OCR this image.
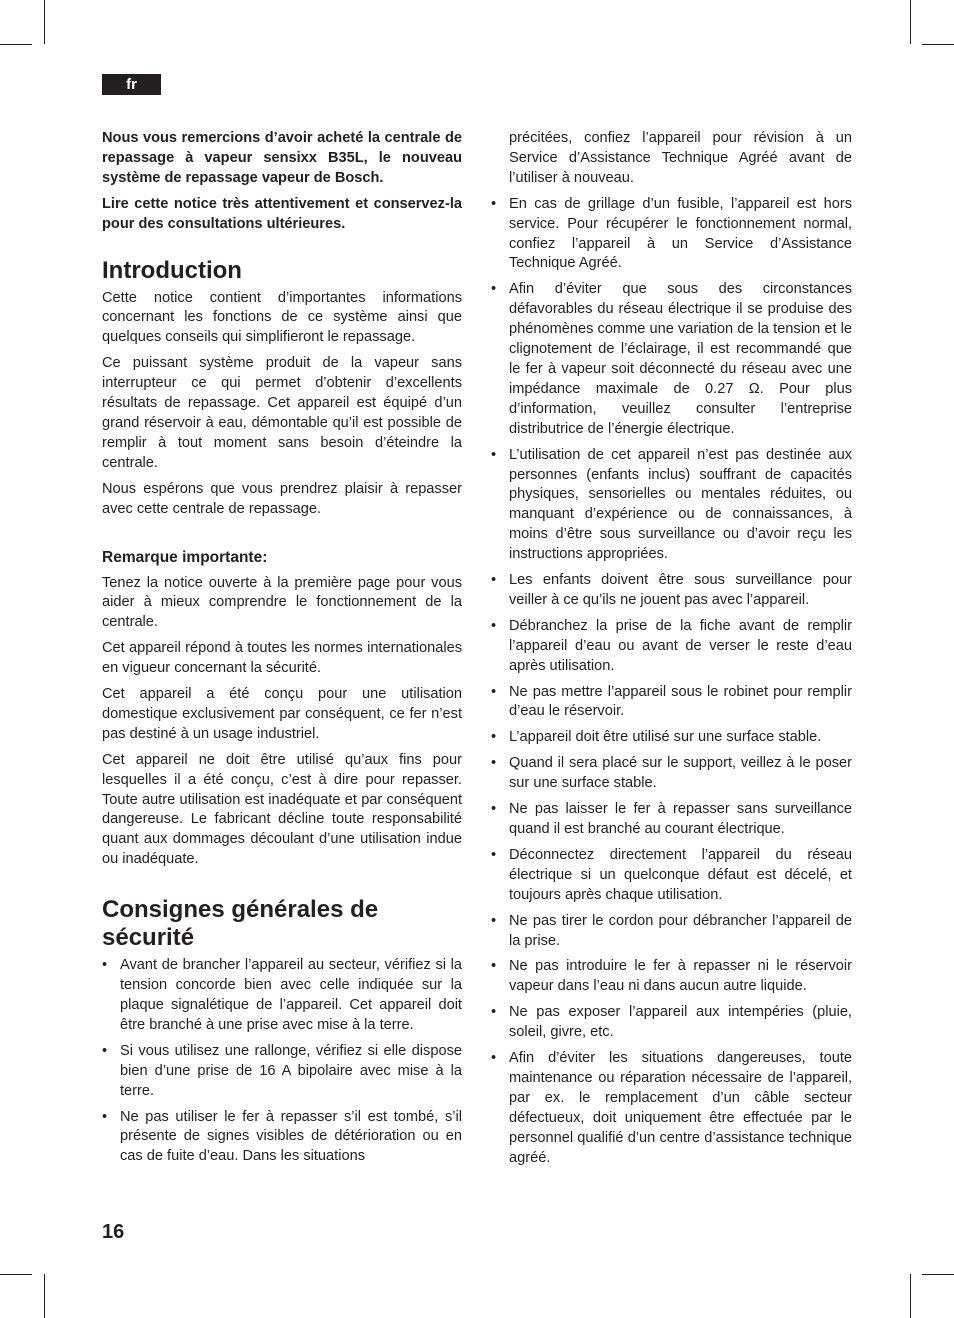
fr

Nous vous remercions d’avoir acheté la centrale de repassage à vapeur sensixx B35L, le nouveau système de repassage vapeur de Bosch.

Lire cette notice très attentivement et conservez-la pour des consultations ultérieures.

Introduction

Cette notice contient d’importantes informations concernant les fonctions de ce système ainsi que quelques conseils qui simplifieront le repassage.

Ce puissant système produit de la vapeur sans interrupteur ce qui permet d’obtenir d’excellents résultats de repassage. Cet appareil est équipé d’un grand réservoir à eau, démontable qu’il est possible de remplir à tout moment sans besoin d’éteindre la centrale.

Nous espérons que vous prendrez plaisir à repasser avec cette centrale de repassage.

Remarque importante:

Tenez la notice ouverte à la première page pour vous aider à mieux comprendre le fonctionnement de la centrale.

Cet appareil répond à toutes les normes internationales en vigueur concernant la sécurité.

Cet appareil a été conçu pour une utilisation domestique exclusivement par conséquent, ce fer n’est pas destiné à un usage industriel.

Cet appareil ne doit être utilisé qu’aux fins pour lesquelles il a été conçu, c’est à dire pour repasser. Toute autre utilisation est inadéquate et par conséquent dangereuse. Le fabricant décline toute responsabilité quant aux dommages découlant d’une utilisation indue ou inadéquate.

Consignes générales de sécurité
• Avant de brancher l’appareil au secteur, vérifiez si la tension concorde bien avec celle indiquée sur la plaque signalétique de l’appareil. Cet appareil doit être branché à une prise avec mise à la terre.
• Si vous utilisez une rallonge, vérifiez si elle dispose bien d’une prise de 16 A bipolaire avec mise à la terre.
• Ne pas utiliser le fer à repasser s’il est tombé, s’il présente de signes visibles de détérioration ou en cas de fuite d’eau. Dans les situations

précitées, confiez l’appareil pour révision à un Service d’Assistance Technique Agréé avant de l’utiliser à nouveau.

• En cas de grillage d’un fusible, l’appareil est hors service. Pour récupérer le fonctionnement normal, confiez l’appareil à un Service d’Assistance Technique Agréé.
• Afin d’éviter que sous des circonstances défavorables du réseau électrique il se produise des phénomènes comme une variation de la tension et le clignotement de l’éclairage, il est recommandé que le fer à vapeur soit déconnecté du réseau avec une impédance maximale de 0.27 Ω. Pour plus d’information, veuillez consulter l’entreprise distributrice de l’énergie électrique.
• L’utilisation de cet appareil n’est pas destinée aux personnes (enfants inclus) souffrant de capacités physiques, sensorielles ou mentales réduites, ou manquant d’expérience ou de connaissances, à moins d’être sous surveillance ou d’avoir reçu les instructions appropriées.
• Les enfants doivent être sous surveillance pour veiller à ce qu’ils ne jouent pas avec l’appareil.
• Débranchez la prise de la fiche avant de remplir l’appareil d’eau ou avant de verser le reste d’eau après utilisation.
• Ne pas mettre l’appareil sous le robinet pour remplir d’eau le réservoir.
• L’appareil doit être utilisé sur une surface stable.
• Quand il sera placé sur le support, veillez à le poser sur une surface stable.
• Ne pas laisser le fer à repasser sans surveillance quand il est branché au courant électrique.
• Déconnectez directement l’appareil du réseau électrique si un quelconque défaut est décelé, et toujours après chaque utilisation.
• Ne pas tirer le cordon pour débrancher l’appareil de la prise.
• Ne pas introduire le fer à repasser ni le réservoir vapeur dans l’eau ni dans aucun autre liquide.
• Ne pas exposer l’appareil aux intempéries (pluie, soleil, givre, etc.
• Afin d’éviter les situations dangereuses, toute maintenance ou réparation nécessaire de l’appareil, par ex. le remplacement d’un câble secteur défectueux, doit uniquement être effectuée par le personnel qualifié d’un centre d’assistance technique agréé.
16
